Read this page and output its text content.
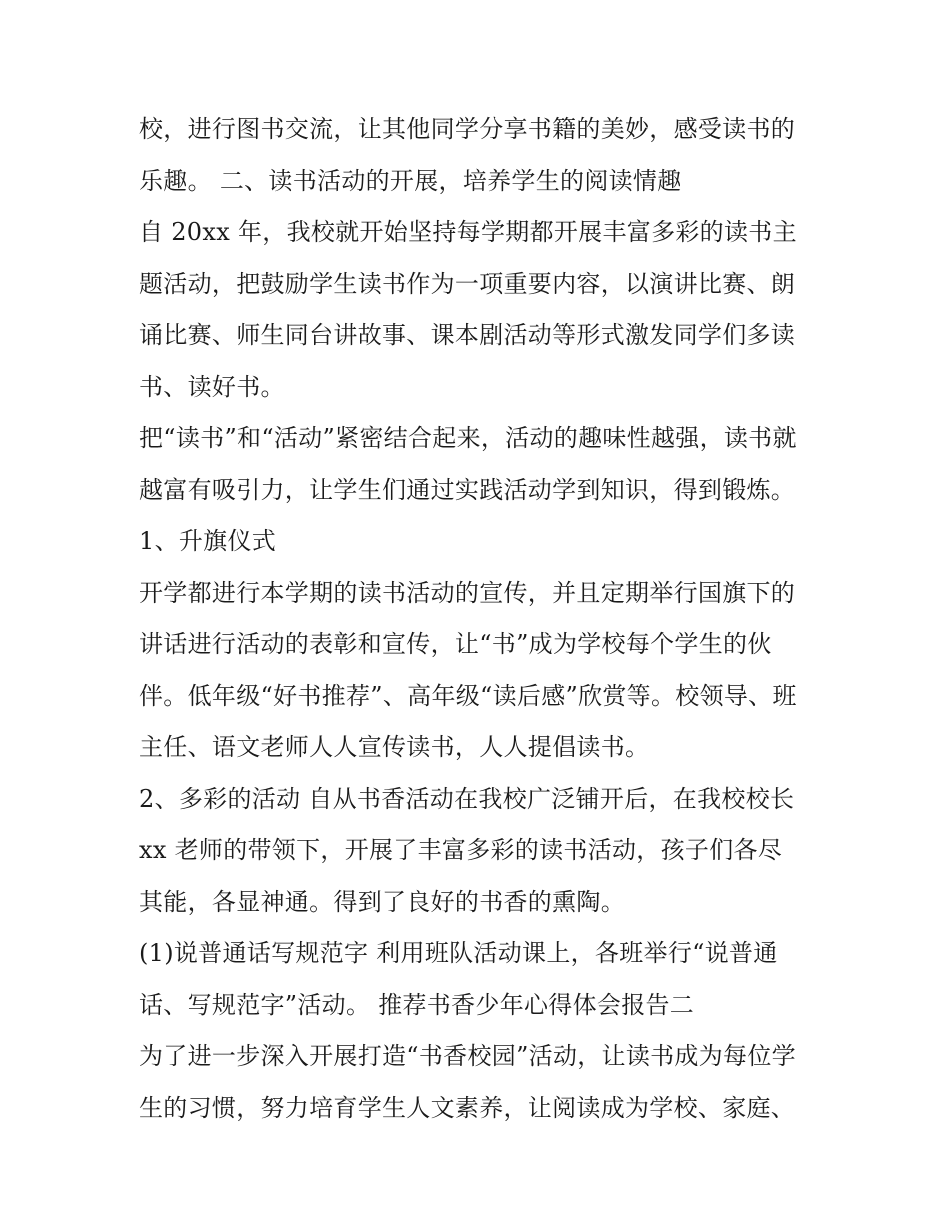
校，进行图书交流，让其他同学分享书籍的美妙，感受读书的
乐趣。 二、读书活动的开展，培养学生的阅读情趣
自 20xx 年，我校就开始坚持每学期都开展丰富多彩的读书主
题活动，把鼓励学生读书作为一项重要内容，以演讲比赛、朗
诵比赛、师生同台讲故事、课本剧活动等形式激发同学们多读
书、读好书。
把“读书”和“活动”紧密结合起来，活动的趣味性越强，读书就
越富有吸引力，让学生们通过实践活动学到知识，得到锻炼。
1、升旗仪式
开学都进行本学期的读书活动的宣传，并且定期举行国旗下的
讲话进行活动的表彰和宣传，让“书”成为学校每个学生的伙
伴。低年级“好书推荐”、高年级“读后感”欣赏等。校领导、班
主任、语文老师人人宣传读书，人人提倡读书。
2、多彩的活动 自从书香活动在我校广泛铺开后，在我校校长
xx 老师的带领下，开展了丰富多彩的读书活动，孩子们各尽
其能，各显神通。得到了良好的书香的熏陶。
(1)说普通话写规范字 利用班队活动课上，各班举行“说普通
话、写规范字”活动。 推荐书香少年心得体会报告二
为了进一步深入开展打造“书香校园”活动，让读书成为每位学
生的习惯，努力培育学生人文素养，让阅读成为学校、家庭、
